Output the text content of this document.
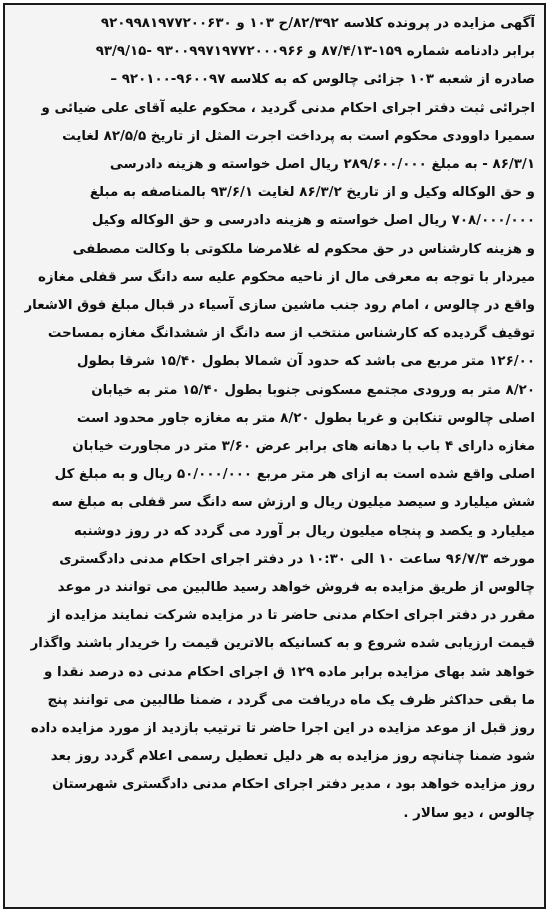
آگهی مزایده در پرونده کلاسه ۸۲/۳۹۲/ح ۱۰۳ و ۹۲۰۹۹۸۱۹۷۷۲۰۰۶۳۰
برابر دادنامه شماره ۱۵۹-۸۷/۴/۱۳ و ۹۳۰۰۹۹۷۱۹۷۷۲۰۰۰۹۶۶ -۹۳/۹/۱۵
صادره از شعبه ۱۰۳ جزائی چالوس که به کلاسه ۹۶۰۰۹۷-۹۲۰۱۰۰ –
اجرائی ثبت دفتر اجرای احکام مدنی گردید ، محکوم علیه آقای علی ضیائی و
سمیرا داوودی محکوم است به پرداخت اجرت المثل از تاریخ ۸۲/۵/۵ لغایت
۸۶/۳/۱ - به مبلغ ۲۸۹/۶۰۰/۰۰۰ ریال اصل خواسته و هزینه دادرسی
و حق الوکاله وکیل و از تاریخ ۸۶/۳/۲ لغایت ۹۳/۶/۱ بالمناصفه به مبلغ
۷۰۸/۰۰۰/۰۰۰ ریال اصل خواسته و هزینه دادرسی و حق الوکاله وکیل
و هزینه کارشناس در حق محکوم له غلامرضا ملکوتی با وکالت مصطفی
میردار با توجه به معرفی مال از ناحیه محکوم علیه سه دانگ سر قفلی مغازه
واقع در چالوس ، امام رود جنب ماشین سازی آسیاء در قبال مبلغ فوق الاشعار
توقیف گردیده که کارشناس منتخب از سه دانگ از ششدانگ مغازه بمساحت
۱۲۶/۰۰ متر مربع می باشد که حدود آن شمالا بطول ۱۵/۴۰ شرقا بطول
۸/۲۰ متر به ورودی مجتمع مسکونی جنوبا بطول ۱۵/۴۰ متر به خیابان
اصلی چالوس تنکابن و غربا بطول ۸/۲۰ متر به مغازه جاور محدود است
مغازه دارای ۴ باب با دهانه های برابر عرض ۳/۶۰ متر در مجاورت خیابان
اصلی واقع شده است به ازای هر متر مربع ۵۰/۰۰۰/۰۰۰ ریال و به مبلغ کل
شش میلیارد و سیصد میلیون ریال و ارزش سه دانگ سر قفلی به مبلغ سه
میلیارد و یکصد و پنجاه میلیون ریال بر آورد می گردد که در روز دوشنبه
مورخه ۹۶/۷/۳ ساعت ۱۰ الی ۱۰:۳۰ در دفتر اجرای احکام مدنی دادگستری
چالوس از طریق مزایده به فروش خواهد رسید طالبین می توانند در موعد
مقرر در دفتر اجرای احکام مدنی حاضر تا در مزایده شرکت نمایند مزایده از
قیمت ارزیابی شده شروع و به کسانیکه بالاترین قیمت را خریدار باشند واگذار
خواهد شد بهای مزایده برابر ماده ۱۲۹ ق اجرای احکام مدنی ده درصد نقدا و
ما بقی حداکثر ظرف یک ماه دریافت می گردد ، ضمنا طالبین می توانند پنج
روز قبل از موعد مزایده در این اجرا حاضر تا ترتیب بازدید از مورد مزایده داده
شود ضمنا چنانچه روز مزایده به هر دلیل تعطیل رسمی اعلام گردد روز بعد
روز مزایده خواهد بود ، مدیر دفتر اجرای احکام مدنی دادگستری شهرستان
چالوس ، دیو سالار .
